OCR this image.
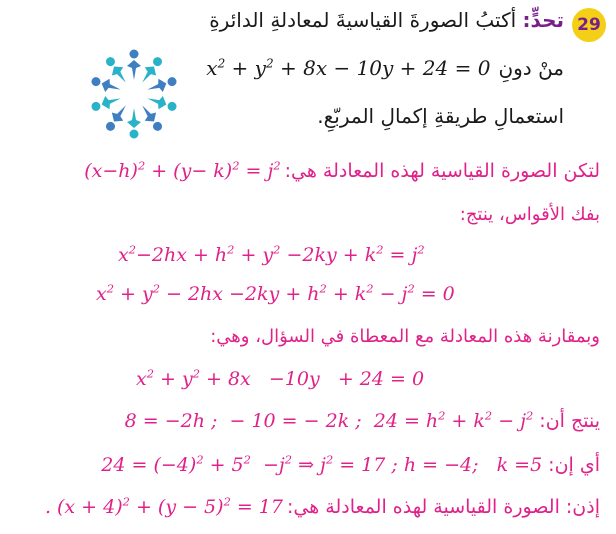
29
تحدٍّ: أكتبُ الصورةَ القياسيةَ لمعادلةِ الدائرةِ
منْ دونِ
$x^2 + y^2 + 8x - 10y + 24 = 0$
استعمالِ طريقةِ إكمالِ المربّعِ.
لتكن الصورة القياسية لهذه المعادلة هي:
$(x-h)^2 + (y- k)^2 = j^2$
بفك الأقواس، ينتج:
$x^2-2hx + h^2 + y^2 -2ky + k^2 = j^2$
$x^2 + y^2 - 2hx -2ky + h^2 + k^2 - j^2 = 0$
وبمقارنة هذه المعادلة مع المعطاة في السؤال، وهي:
$x^2 + y^2 + 8x -10y + 24 = 0$
ينتج أن:
8 = −2h ;  − 10 = − 2k ;  $24 = h^2 + k^2 - j^2$
أي إن:
$24 = (-4)^2 + 5^2 -j^2$ ⇒ $j^2 = 17$ ; h = −4;   k =5
إذن: الصورة القياسية لهذه المعادلة هي:
. $(x + 4)^2 + (y - 5)^2 = 17$
